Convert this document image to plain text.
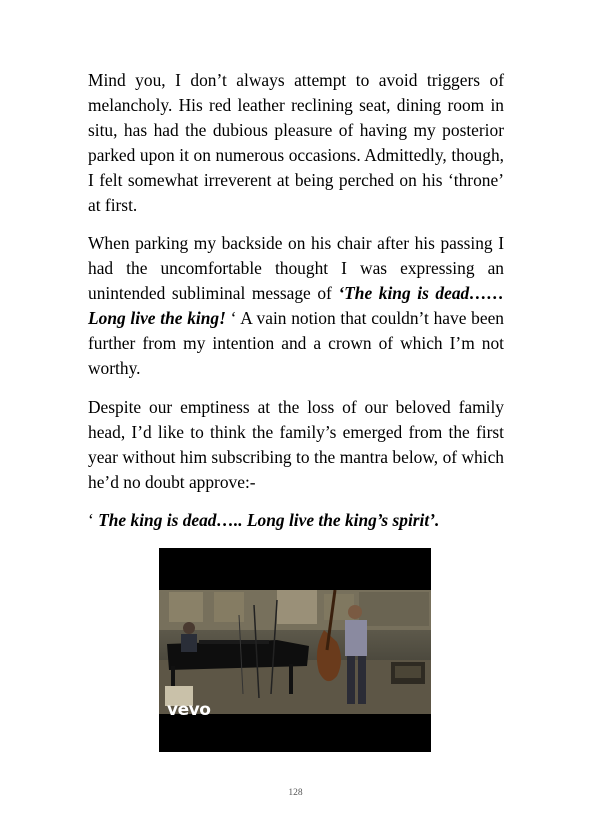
Mind you, I don’t always attempt to avoid triggers of melancholy. His red leather reclining seat, dining room in situ, has had the dubious pleasure of having my posterior parked upon it on numerous occasions. Admittedly, though, I felt somewhat irreverent at being perched on his ‘throne’ at first.

When parking my backside on his chair after his passing I had the uncomfortable thought I was expressing an unintended subliminal message of ‘The king is dead…… Long live the king! ‘ A vain notion that couldn’t have been further from my intention and a crown of which I’m not worthy.

Despite our emptiness at the loss of our beloved family head, I’d like to think the family’s emerged from the first year without him subscribing to the mantra below, of which he’d no doubt approve:-

‘ The king is dead….. Long live the king’s spirit’.

vevo
128
